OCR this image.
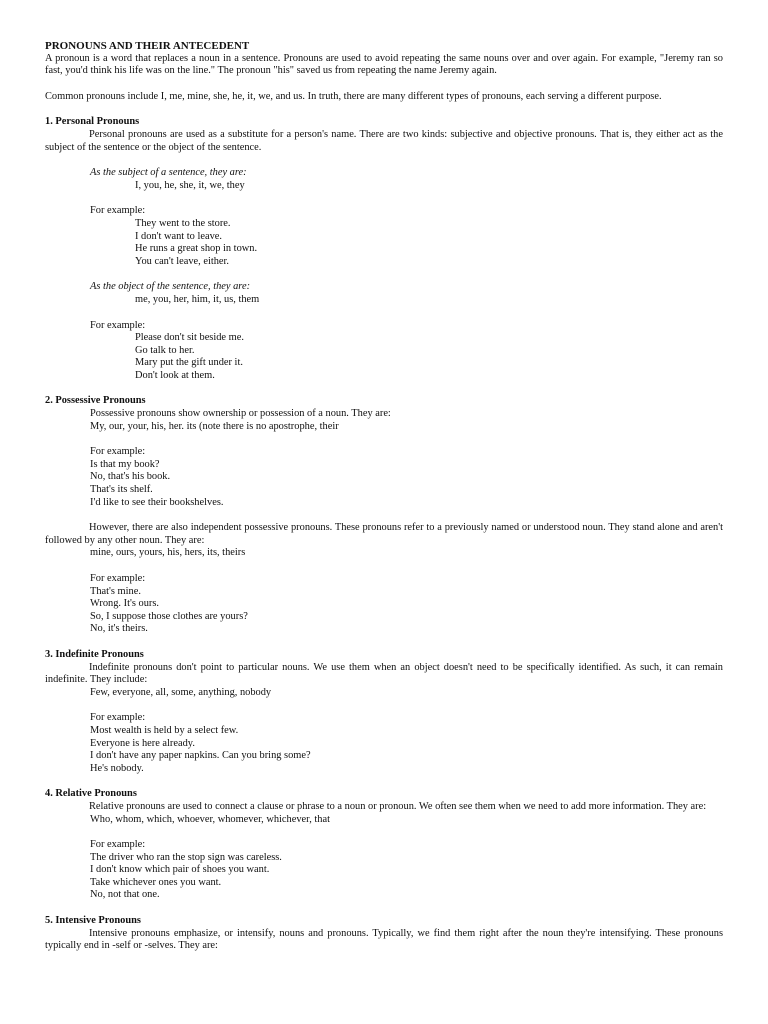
PRONOUNS AND THEIR ANTECEDENT

A pronoun is a word that replaces a noun in a sentence. Pronouns are used to avoid repeating the same nouns over and over again. For example, "Jeremy ran so fast, you'd think his life was on the line." The pronoun "his" saved us from repeating the name Jeremy again.

Common pronouns include I, me, mine, she, he, it, we, and us. In truth, there are many different types of pronouns, each serving a different purpose.

1. Personal Pronouns

Personal pronouns are used as a substitute for a person's name. There are two kinds: subjective and objective pronouns. That is, they either act as the subject of the sentence or the object of the sentence.

As the subject of a sentence, they are:

I, you, he, she, it, we, they

For example:

They went to the store.

I don't want to leave.

He runs a great shop in town.

You can't leave, either.

As the object of the sentence, they are:

me, you, her, him, it, us, them

For example:

Please don't sit beside me.

Go talk to her.

Mary put the gift under it.

Don't look at them.

2. Possessive Pronouns

Possessive pronouns show ownership or possession of a noun. They are:

My, our, your, his, her. its (note there is no apostrophe, their

For example:

Is that my book?

No, that's his book.

That's its shelf.

I'd like to see their bookshelves.

However, there are also independent possessive pronouns. These pronouns refer to a previously named or understood noun. They stand alone and aren't followed by any other noun. They are:

mine, ours, yours, his, hers, its, theirs

For example:

That's mine.

Wrong. It's ours.

So, I suppose those clothes are yours?

No, it's theirs.

3. Indefinite Pronouns

Indefinite pronouns don't point to particular nouns. We use them when an object doesn't need to be specifically identified. As such, it can remain indefinite. They include:

Few, everyone, all, some, anything, nobody

For example:

Most wealth is held by a select few.

Everyone is here already.

I don't have any paper napkins. Can you bring some?

He's nobody.

4. Relative Pronouns

Relative pronouns are used to connect a clause or phrase to a noun or pronoun. We often see them when we need to add more information. They are:

Who, whom, which, whoever, whomever, whichever, that

For example:

The driver who ran the stop sign was careless.

I don't know which pair of shoes you want.

Take whichever ones you want.

No, not that one.

5. Intensive Pronouns

Intensive pronouns emphasize, or intensify, nouns and pronouns. Typically, we find them right after the noun they're intensifying. These pronouns typically end in -self or -selves. They are:
